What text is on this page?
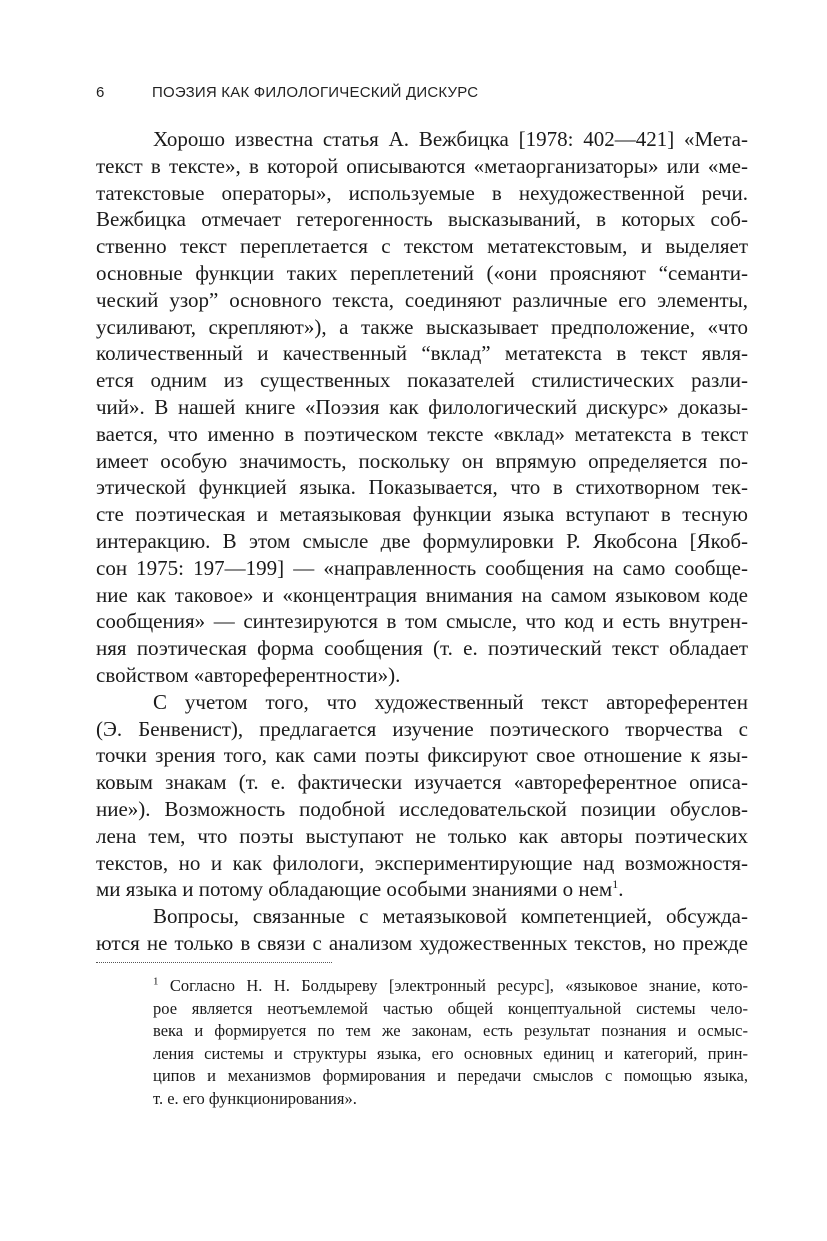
6	ПОЭЗИЯ КАК ФИЛОЛОГИЧЕСКИЙ ДИСКУРС
Хорошо известна статья А. Вежбицка [1978: 402—421] «Мета-
текст в тексте», в которой описываются «метаорганизаторы» или «ме-
татекстовые операторы», используемые в нехудожественной речи.
Вежбицка отмечает гетерогенность высказываний, в которых соб-
ственно текст переплетается с текстом метатекстовым, и выделяет
основные функции таких переплетений («они проясняют “семанти-
ческий узор” основного текста, соединяют различные его элементы,
усиливают, скрепляют»), а также высказывает предположение, «что
количественный и качественный “вклад” метатекста в текст явля-
ется одним из существенных показателей стилистических разли-
чий». В нашей книге «Поэзия как филологический дискурс» доказы-
вается, что именно в поэтическом тексте «вклад» метатекста в текст
имеет особую значимость, поскольку он впрямую определяется по-
этической функцией языка. Показывается, что в стихотворном тек-
сте поэтическая и метаязыковая функции языка вступают в тесную
интеракцию. В этом смысле две формулировки Р. Якобсона [Якоб-
сон 1975: 197—199] — «направленность сообщения на само сообще-
ние как таковое» и «концентрация внимания на самом языковом коде
сообщения» — синтезируются в том смысле, что код и есть внутрен-
няя поэтическая форма сообщения (т. е. поэтический текст обладает
свойством «автореферентности»).
С учетом того, что художественный текст автореферентен
(Э. Бенвенист), предлагается изучение поэтического творчества с
точки зрения того, как сами поэты фиксируют свое отношение к язы-
ковым знакам (т. е. фактически изучается «автореферентное описа-
ние»). Возможность подобной исследовательской позиции обуслов-
лена тем, что поэты выступают не только как авторы поэтических
текстов, но и как филологи, экспериментирующие над возможностя-
ми языка и потому обладающие особыми знаниями о нем$^1$.
Вопросы, связанные с метаязыковой компетенцией, обсужда-
ются не только в связи с анализом художественных текстов, но прежде
$^1$ Согласно Н. Н. Болдыреву [электронный ресурс], «языковое знание, кото-
рое является неотъемлемой частью общей концептуальной системы чело-
века и формируется по тем же законам, есть результат познания и осмыс-
ления системы и структуры языка, его основных единиц и категорий, прин-
ципов и механизмов формирования и передачи смыслов с помощью языка,
т. е. его функционирования».
